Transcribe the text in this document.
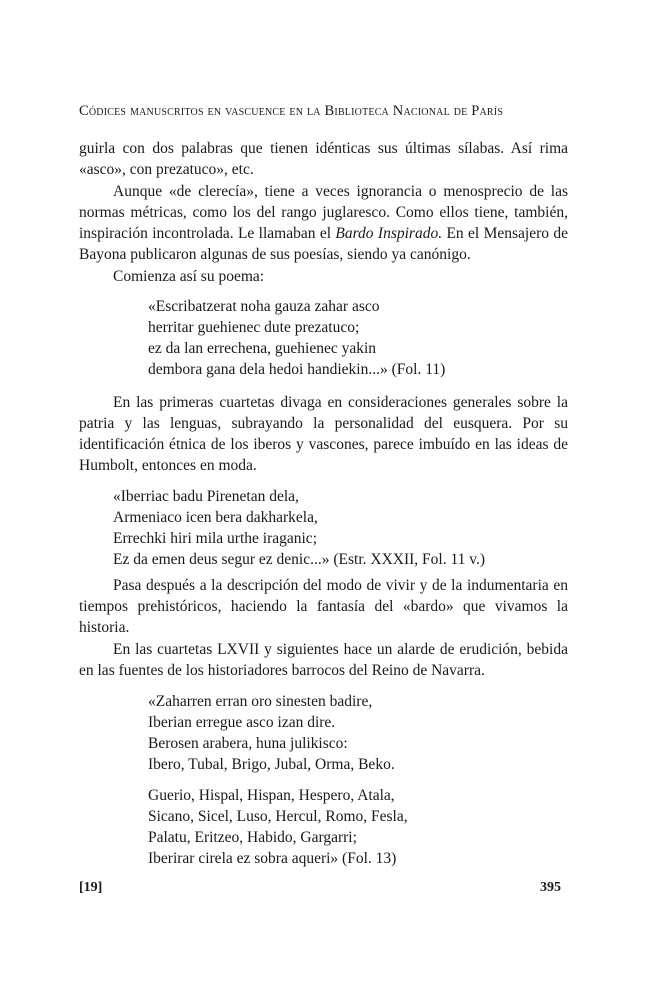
Códices manuscritos en vascuence en la Biblioteca Nacional de París

guirla con dos palabras que tienen idénticas sus últimas sílabas. Así rima «asco», con prezatuco», etc.

Aunque «de clerecía», tiene a veces ignorancia o menosprecio de las normas métricas, como los del rango juglaresco. Como ellos tiene, también, inspiración incontrolada. Le llamaban el Bardo Inspirado. En el Mensajero de Bayona publicaron algunas de sus poesías, siendo ya canónigo.

Comienza así su poema:

«Escribatzerat noha gauza zahar asco
herritar guehienec dute prezatuco;
ez da lan errechena, guehienec yakin
dembora gana dela hedoi handiekin...» (Fol. 11)

En las primeras cuartetas divaga en consideraciones generales sobre la patria y las lenguas, subrayando la personalidad del eusquera. Por su identificación étnica de los iberos y vascones, parece imbuído en las ideas de Humbolt, entonces en moda.

«Iberriac badu Pirenetan dela,
Armeniaco icen bera dakharkela,
Errechki hiri mila urthe iraganic;
Ez da emen deus segur ez denic...» (Estr. XXXII, Fol. 11 v.)

Pasa después a la descripción del modo de vivir y de la indumentaria en tiempos prehistóricos, haciendo la fantasía del «bardo» que vivamos la historia.

En las cuartetas LXVII y siguientes hace un alarde de erudición, bebida en las fuentes de los historiadores barrocos del Reino de Navarra.

«Zaharren erran oro sinesten badire,
Iberian erregue asco izan dire.
Berosen arabera, huna julikisco:
Ibero, Tubal, Brigo, Jubal, Orma, Beko.
Guerio, Hispal, Hispan, Hespero, Atala,
Sicano, Sicel, Luso, Hercul, Romo, Fesla,
Palatu, Eritzeo, Habido, Gargarri;
Iberirar cirela ez sobra aqueri» (Fol. 13)
[19]	395
